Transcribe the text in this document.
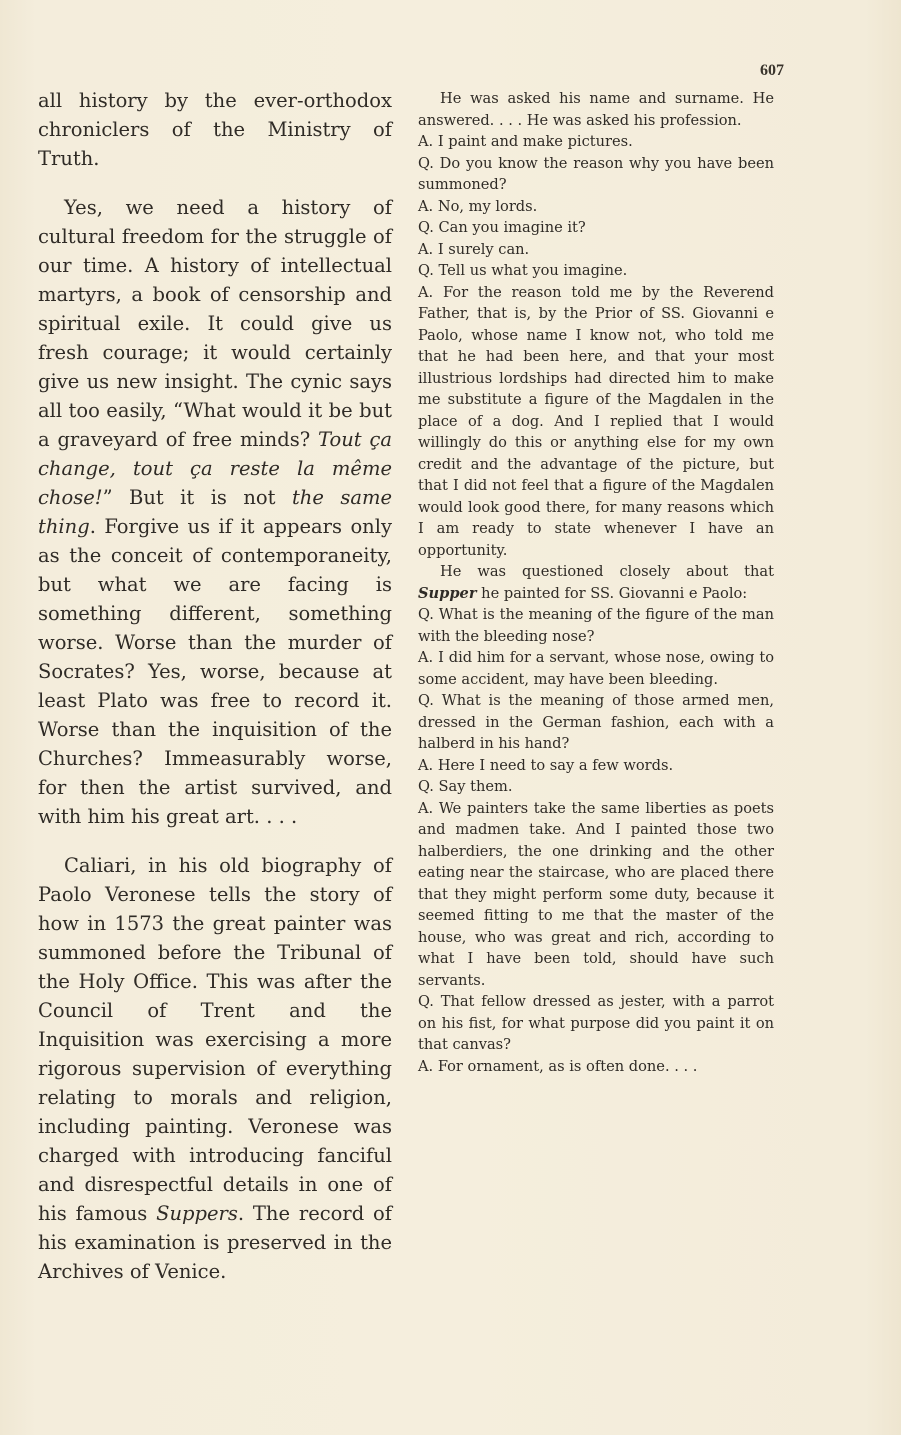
607

all history by the ever-orthodox chroniclers of the Ministry of Truth.

Yes, we need a history of cultural freedom for the struggle of our time. A history of intellectual martyrs, a book of censorship and spiritual exile. It could give us fresh courage; it would certainly give us new insight. The cynic says all too easily, “What would it be but a graveyard of free minds? Tout ça change, tout ça reste la même chose!” But it is not the same thing. Forgive us if it appears only as the conceit of contemporaneity, but what we are facing is something different, something worse. Worse than the murder of Socrates? Yes, worse, because at least Plato was free to record it. Worse than the inquisition of the Churches? Immeasurably worse, for then the artist survived, and with him his great art. . . .

Caliari, in his old biography of Paolo Veronese tells the story of how in 1573 the great painter was summoned before the Tribunal of the Holy Office. This was after the Council of Trent and the Inquisition was exercising a more rigorous supervision of everything relating to morals and religion, including painting. Veronese was charged with introducing fanciful and disrespectful details in one of his famous Suppers. The record of his examination is preserved in the Archives of Venice.

He was asked his name and surname. He answered. . . . He was asked his profession.

A. I paint and make pictures.

Q. Do you know the reason why you have been summoned?

A. No, my lords.

Q. Can you imagine it?

A. I surely can.

Q. Tell us what you imagine.

A. For the reason told me by the Reverend Father, that is, by the Prior of SS. Giovanni e Paolo, whose name I know not, who told me that he had been here, and that your most illustrious lordships had directed him to make me substitute a figure of the Magdalen in the place of a dog. And I replied that I would willingly do this or anything else for my own credit and the advantage of the picture, but that I did not feel that a figure of the Magdalen would look good there, for many reasons which I am ready to state whenever I have an opportunity.

He was questioned closely about that Supper he painted for SS. Giovanni e Paolo:

Q. What is the meaning of the figure of the man with the bleeding nose?

A. I did him for a servant, whose nose, owing to some accident, may have been bleeding.

Q. What is the meaning of those armed men, dressed in the German fashion, each with a halberd in his hand?

A. Here I need to say a few words.

Q. Say them.

A. We painters take the same liberties as poets and madmen take. And I painted those two halberdiers, the one drinking and the other eating near the staircase, who are placed there that they might perform some duty, because it seemed fitting to me that the master of the house, who was great and rich, according to what I have been told, should have such servants.

Q. That fellow dressed as jester, with a parrot on his fist, for what purpose did you paint it on that canvas?

A. For ornament, as is often done. . . .
